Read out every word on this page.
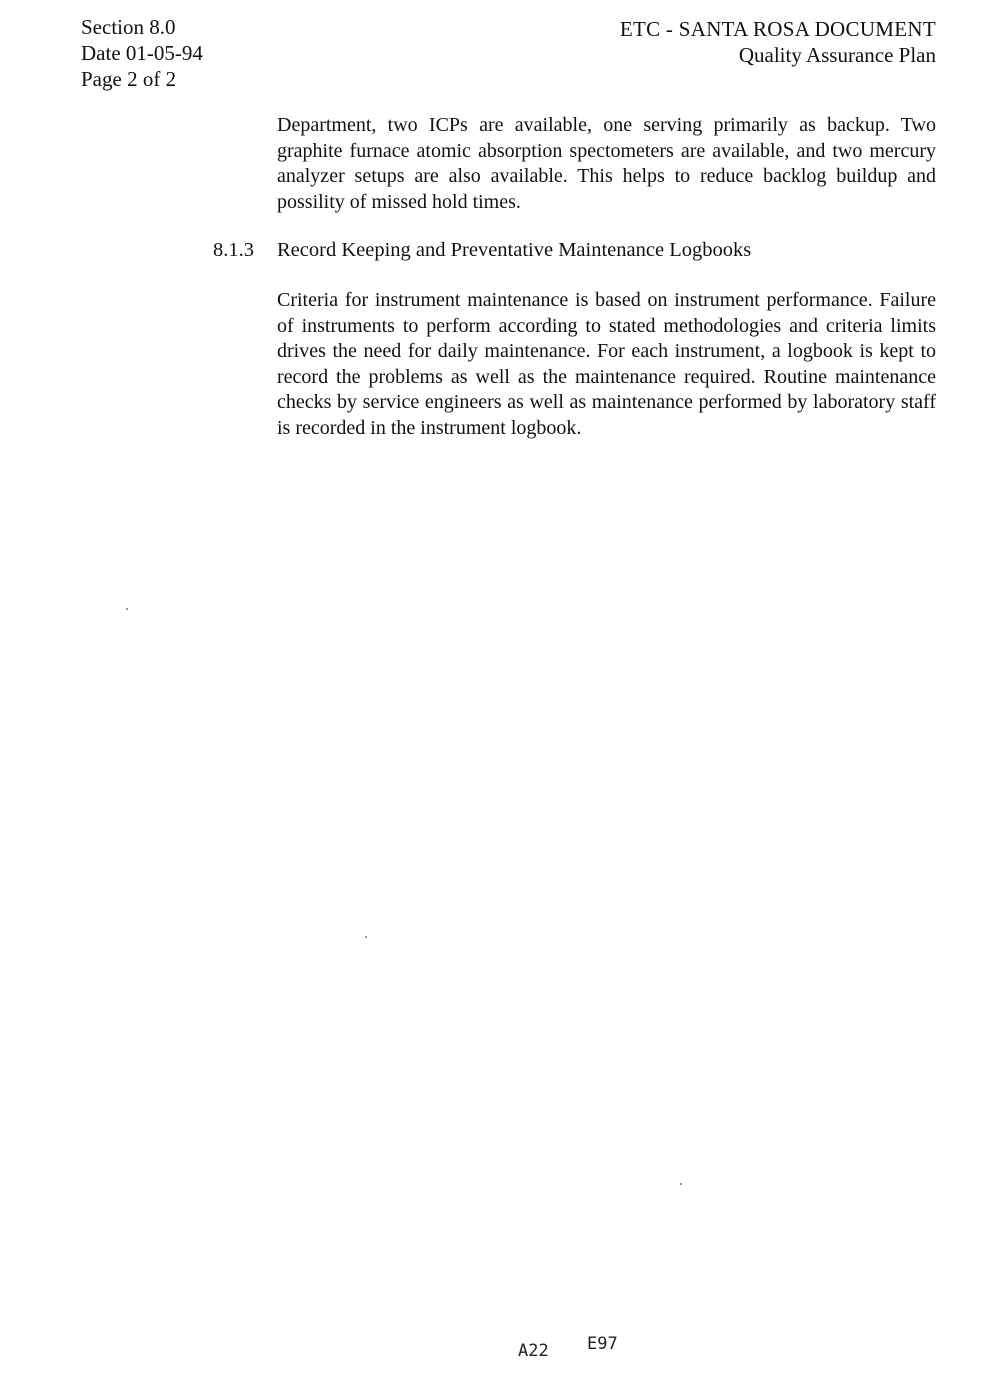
Section 8.0
Date 01-05-94
Page 2 of 2
ETC - SANTA ROSA DOCUMENT
Quality Assurance Plan
Department, two ICPs are available, one serving primarily as backup. Two graphite furnace atomic absorption spectometers are available, and two mercury analyzer setups are also available. This helps to reduce backlog buildup and possility of missed hold times.
8.1.3 Record Keeping and Preventative Maintenance Logbooks
Criteria for instrument maintenance is based on instrument performance. Failure of instruments to perform according to stated methodologies and criteria limits drives the need for daily maintenance. For each instrument, a logbook is kept to record the problems as well as the maintenance required. Routine maintenance checks by service engineers as well as maintenance performed by laboratory staff is recorded in the instrument logbook.
A22 E97
